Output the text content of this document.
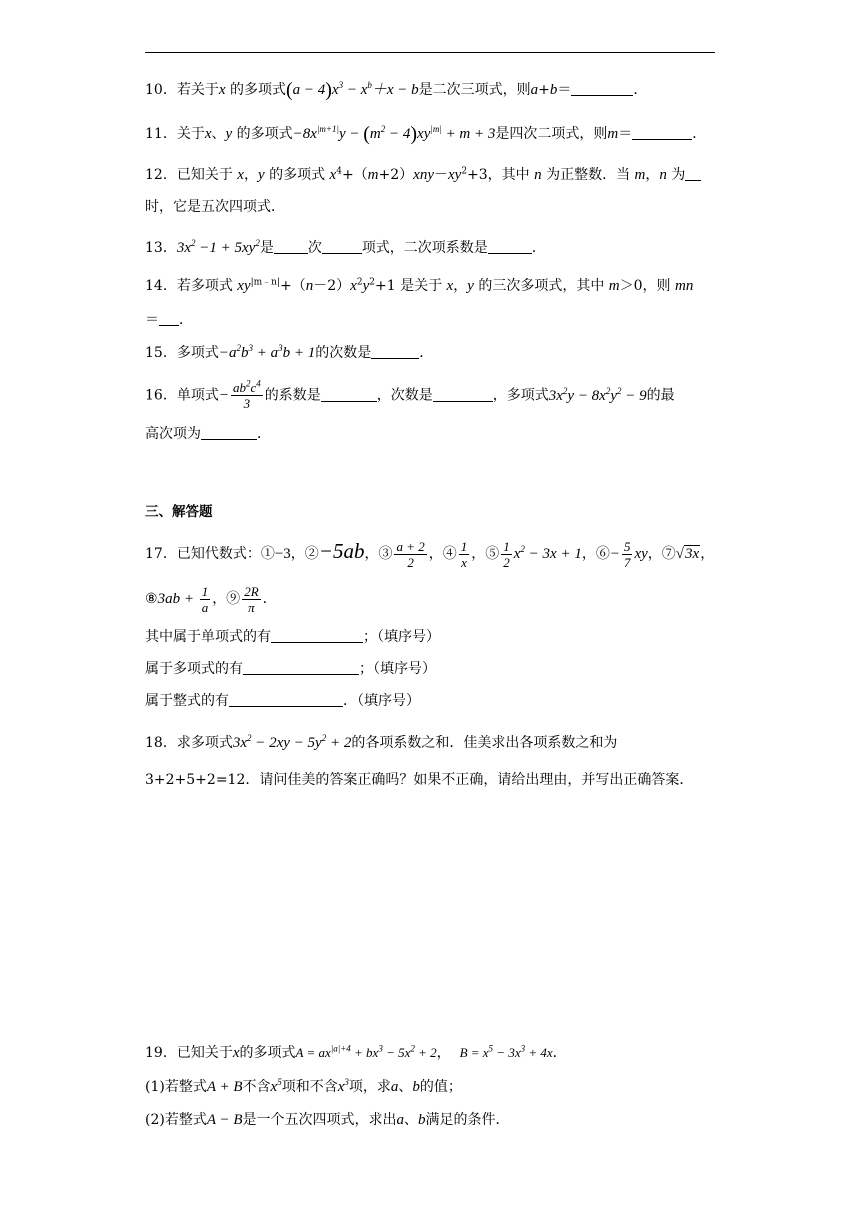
10．若关于x 的多项式$(a - 4)x^3 - x^b+x - b$是二次三项式，则a+b＝	．
11．关于x、y 的多项式$-8x^{|m+1|}y - (m^2 - 4)xy^{|m|} + m + 3$是四次二项式，则m＝	．
12．已知关于 x，y 的多项式 $x^4+(m+2)xny-xy^2+3$，其中 n 为正整数．当 m，n 为
时，它是五次四项式．
13．$3x^2 -1 + 5xy^2$是 次	项式，二次项系数是	．
14．若多项式 $xy^{|m﹣n|}+(n-2)x^2y^2+1$ 是关于 x，y 的三次多项式，其中 m＞0，则 mn
＝ ．
15．多项式$-a^2b^3 + a^3b + 1$的次数是	．
16．单项式− $\frac{ab^2c^4}{3}$ 的系数是	，次数是	，多项式$3x^2y - 8x^2y^2 - 9$的最
高次项为	．
三、解答题
17．已知代数式：①−3，②−5ab，③ $\frac{a + 2}{2}$ ，④ $\frac{1}{x}$ ，⑤ $\frac{1}{2} x^2 - 3x + 1$，⑥− $\frac{5}{7}$ xy，⑦√3x，
⑧3ab + $\frac{1}{a}$ ，⑨ $\frac{2R}{\pi}$ ．
其中属于单项式的有	；（填序号）
属于多项式的有	；（填序号）
属于整式的有	．（填序号）
18．求多项式$3x^2 - 2xy - 5y^2 + 2$的各项系数之和．佳美求出各项系数之和为
3+2+5+2=12．请问佳美的答案正确吗？如果不正确，请给出理由，并写出正确答案．
19．已知关于x的多项式$A = ax^{|a|+4} + bx^3 - 5x^2 + 2$， $B = x^5 - 3x^3 + 4x$．
(1)若整式A + B不含$x^5$项和不含$x^3$项，求a、b的值；
(2)若整式A − B是一个五次四项式，求出a、b满足的条件．
